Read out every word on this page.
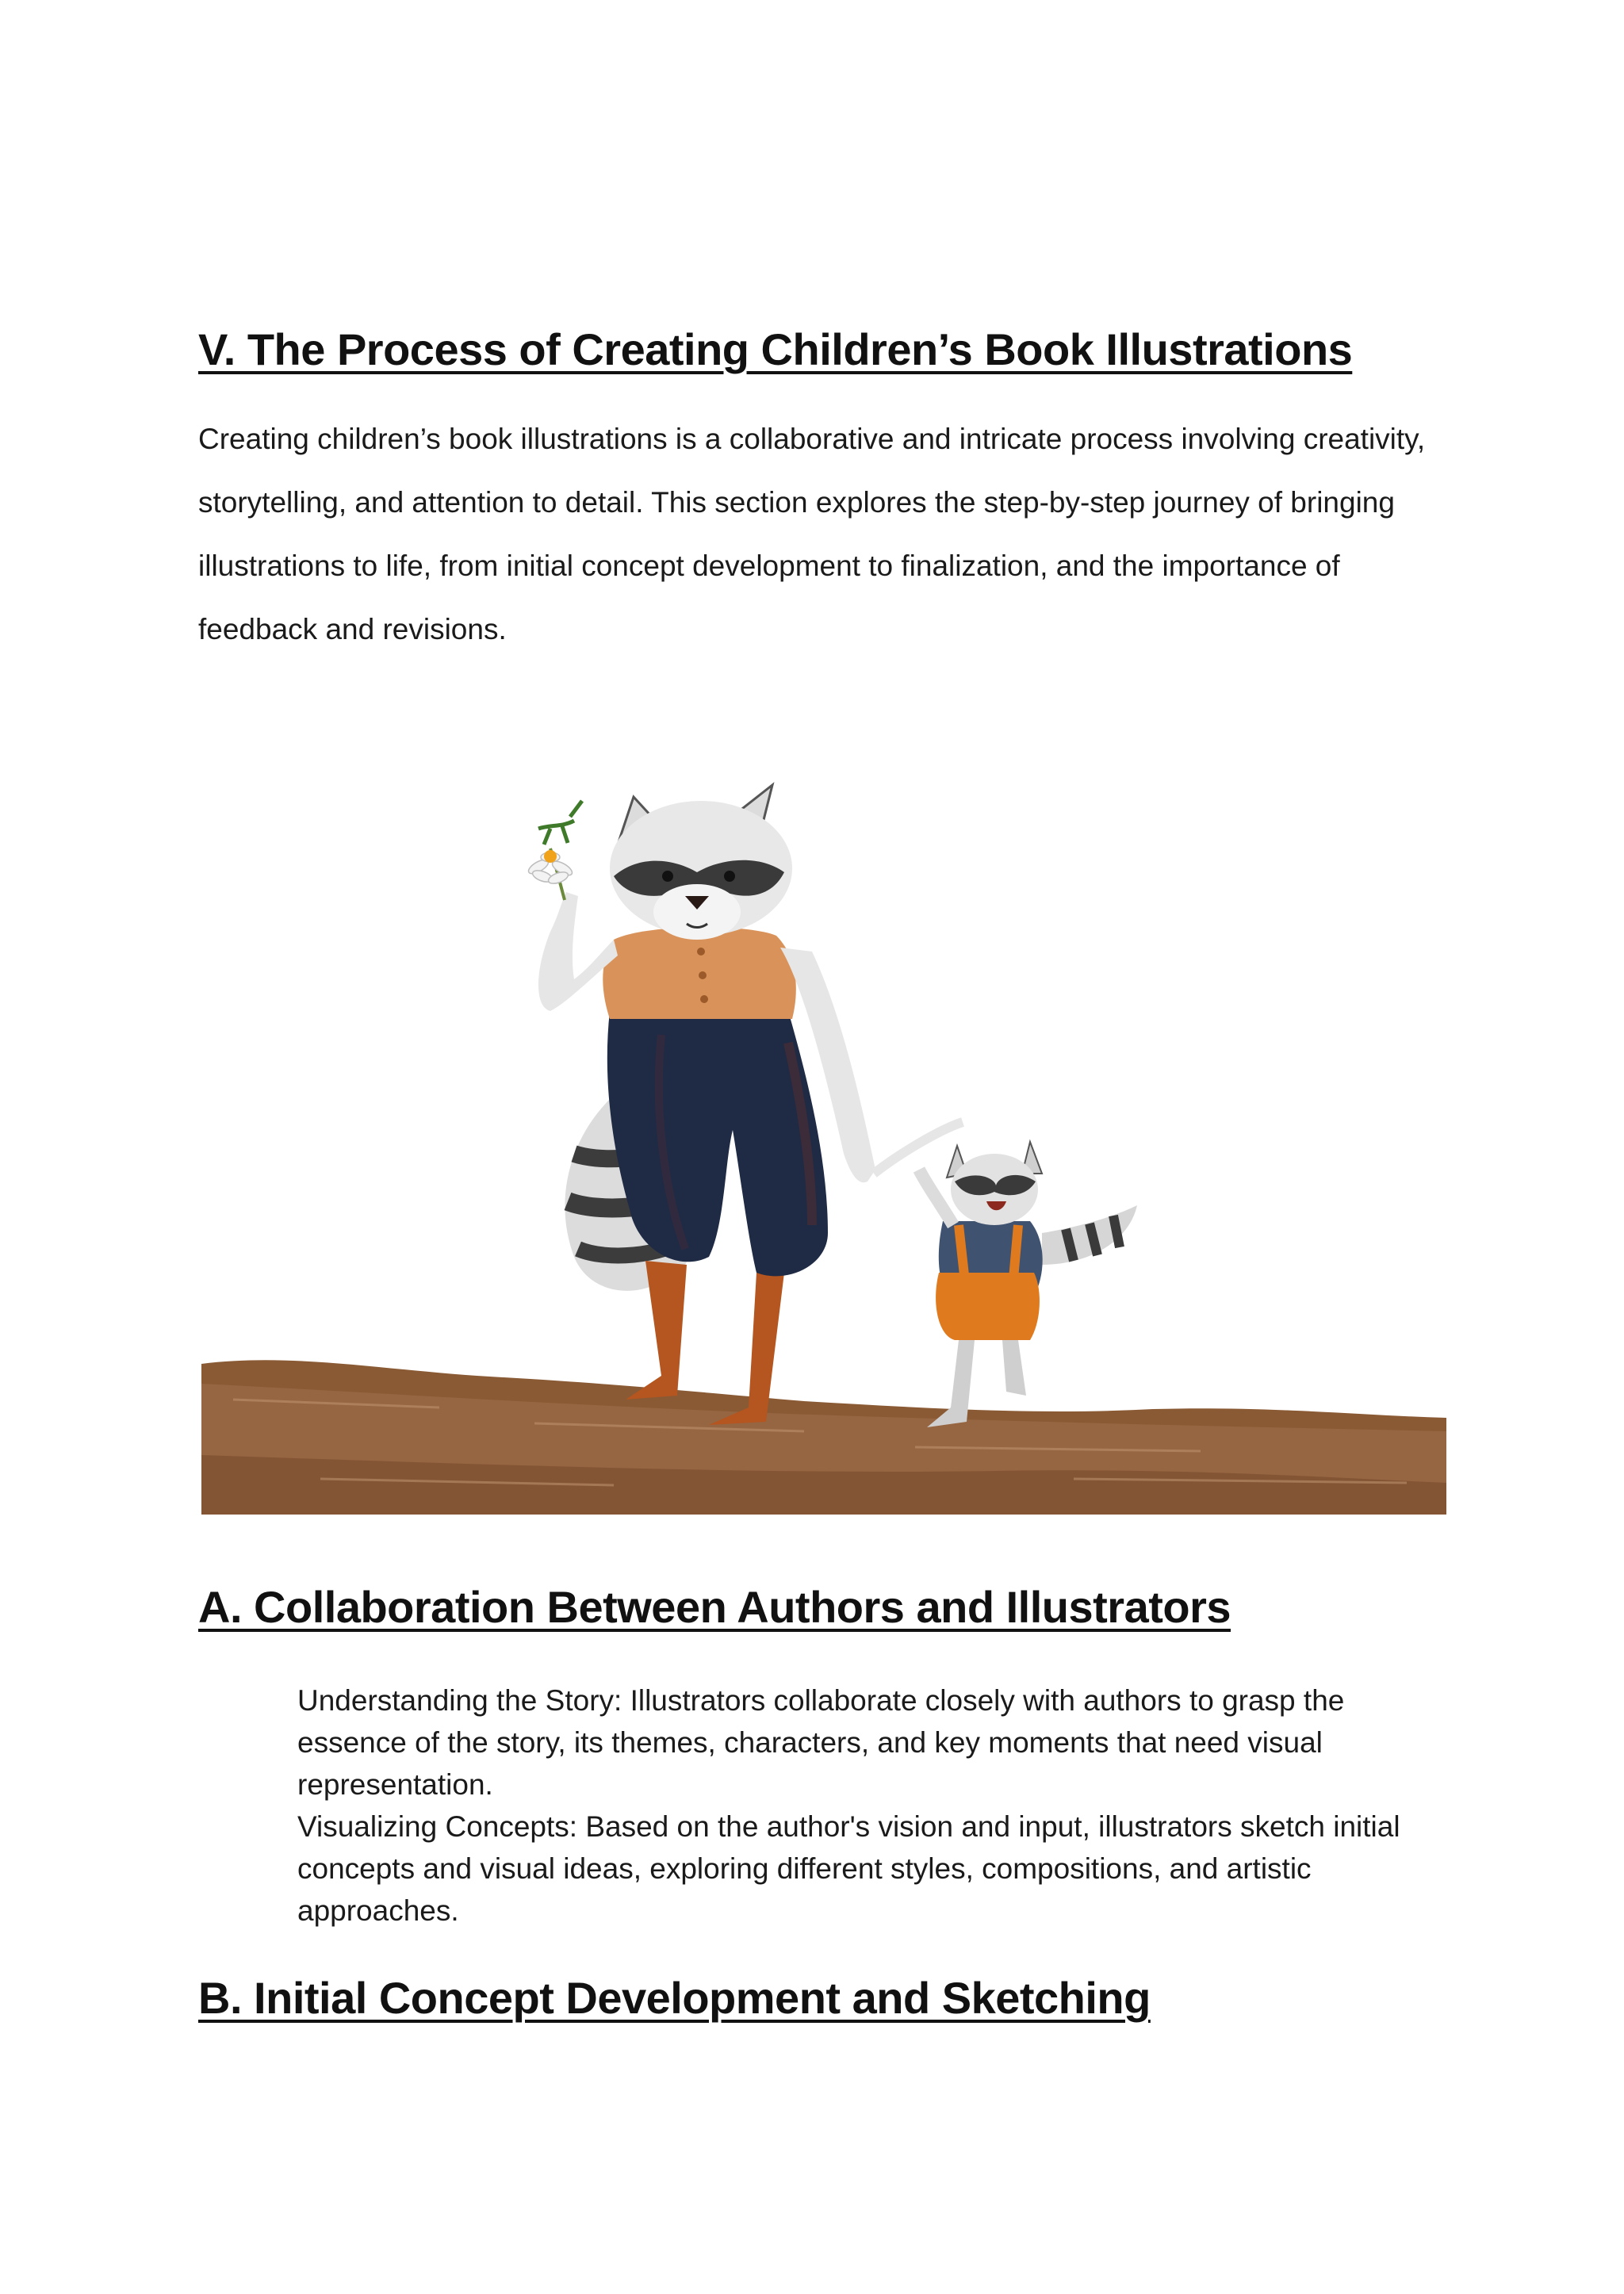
V. The Process of Creating Children’s Book Illustrations

Creating children’s book illustrations is a collaborative and intricate process involving creativity, storytelling, and attention to detail. This section explores the step-by-step journey of bringing illustrations to life, from initial concept development to finalization, and the importance of feedback and revisions.

A. Collaboration Between Authors and Illustrators
Understanding the Story: Illustrators collaborate closely with authors to grasp the essence of the story, its themes, characters, and key moments that need visual representation.
Visualizing Concepts: Based on the author's vision and input, illustrators sketch initial concepts and visual ideas, exploring different styles, compositions, and artistic approaches.
B. Initial Concept Development and Sketching
